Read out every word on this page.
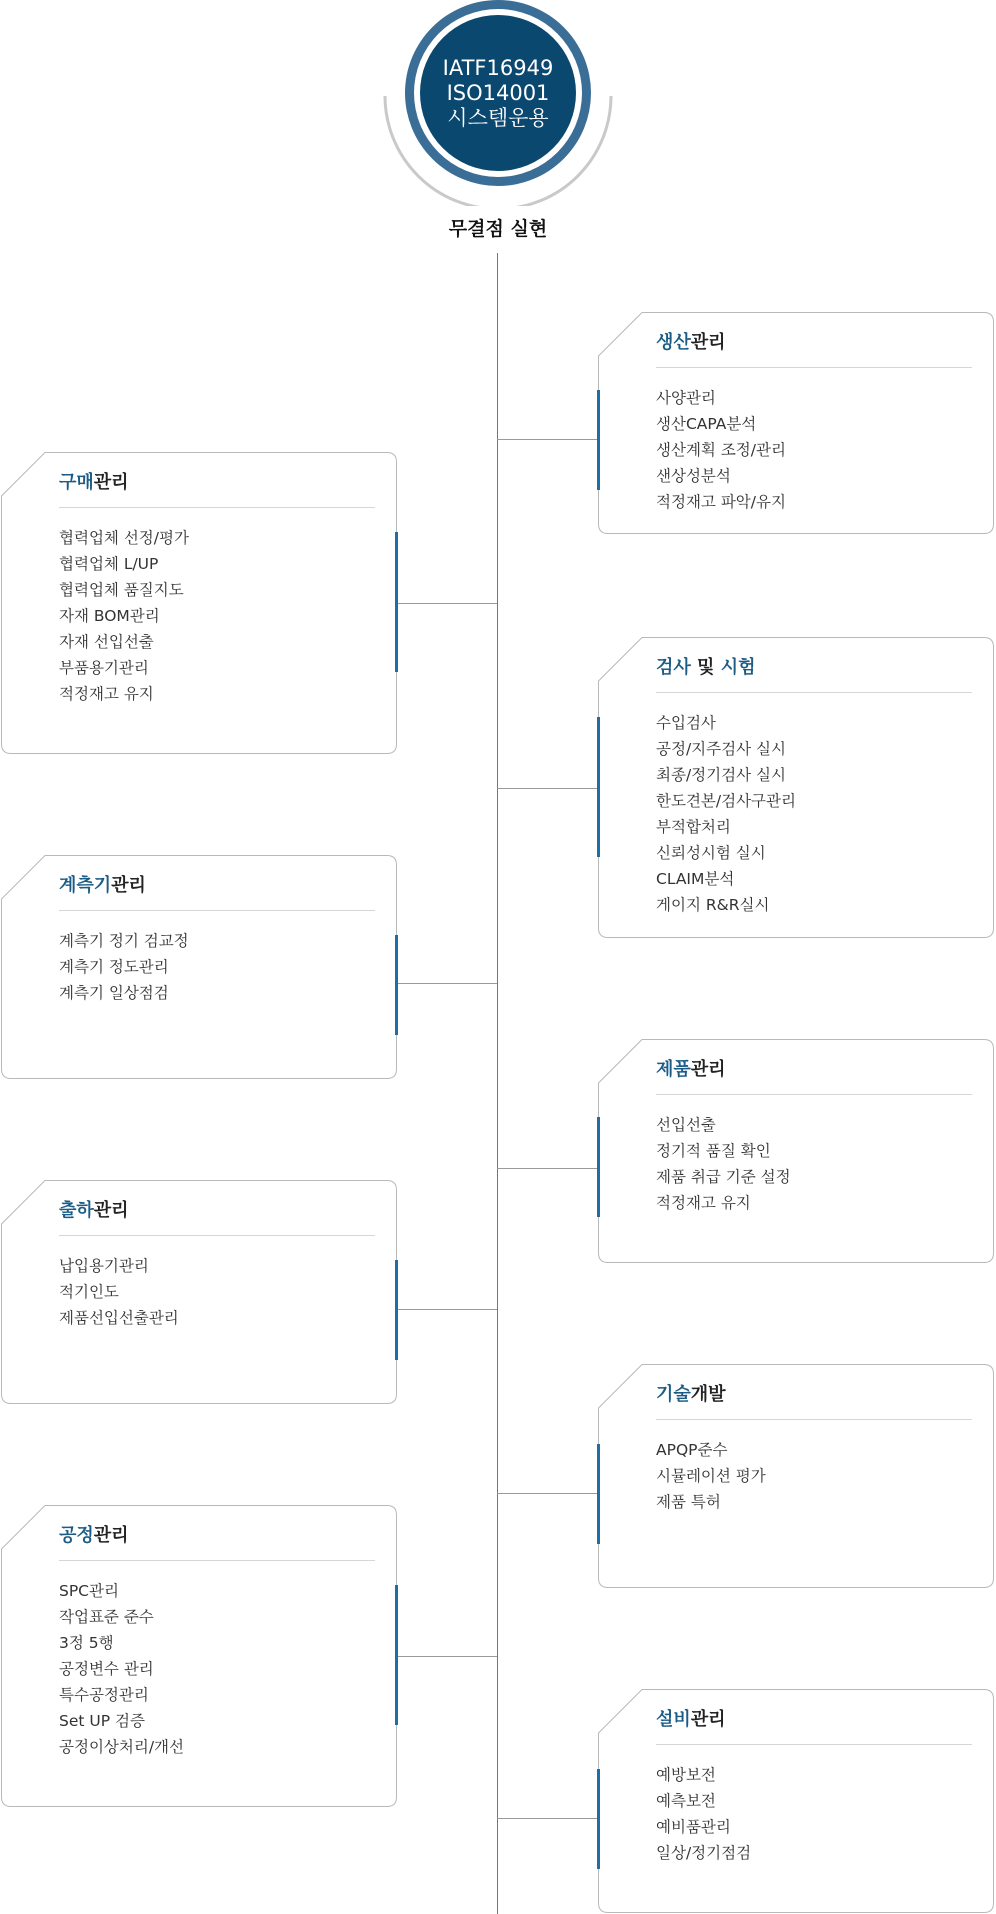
IATF16949
ISO14001
시스템운용
무결점 실현
생산관리
사양관리
생산CAPA분석
생산계획 조정/관리
샌상성분석
적정재고 파악/유지
구매관리
협력업체 선정/평가
협력업체 L/UP
협력업체 품질지도
자재 BOM관리
자재 선입선출
부품용기관리
적정재고 유지
검사 및 시험
수입검사
공정/지주검사 실시
최종/정기검사 실시
한도견본/검사구관리
부적합처리
신뢰성시험 실시
CLAIM분석
게이지 R&R실시
계측기관리
계측기 정기 검교정
계측기 정도관리
계측기 일상점검
제품관리
선입선출
정기적 품질 확인
제품 취급 기준 설정
적정재고 유지
출하관리
납입용기관리
적기인도
제품선입선출관리
기술개발
APQP준수
시뮬레이션 평가
제품 특허
공정관리
SPC관리
작업표준 준수
3정 5행
공정변수 관리
특수공정관리
Set UP 검증
공정이상처리/개선
설비관리
예방보전
예측보전
예비품관리
일상/정기점검
